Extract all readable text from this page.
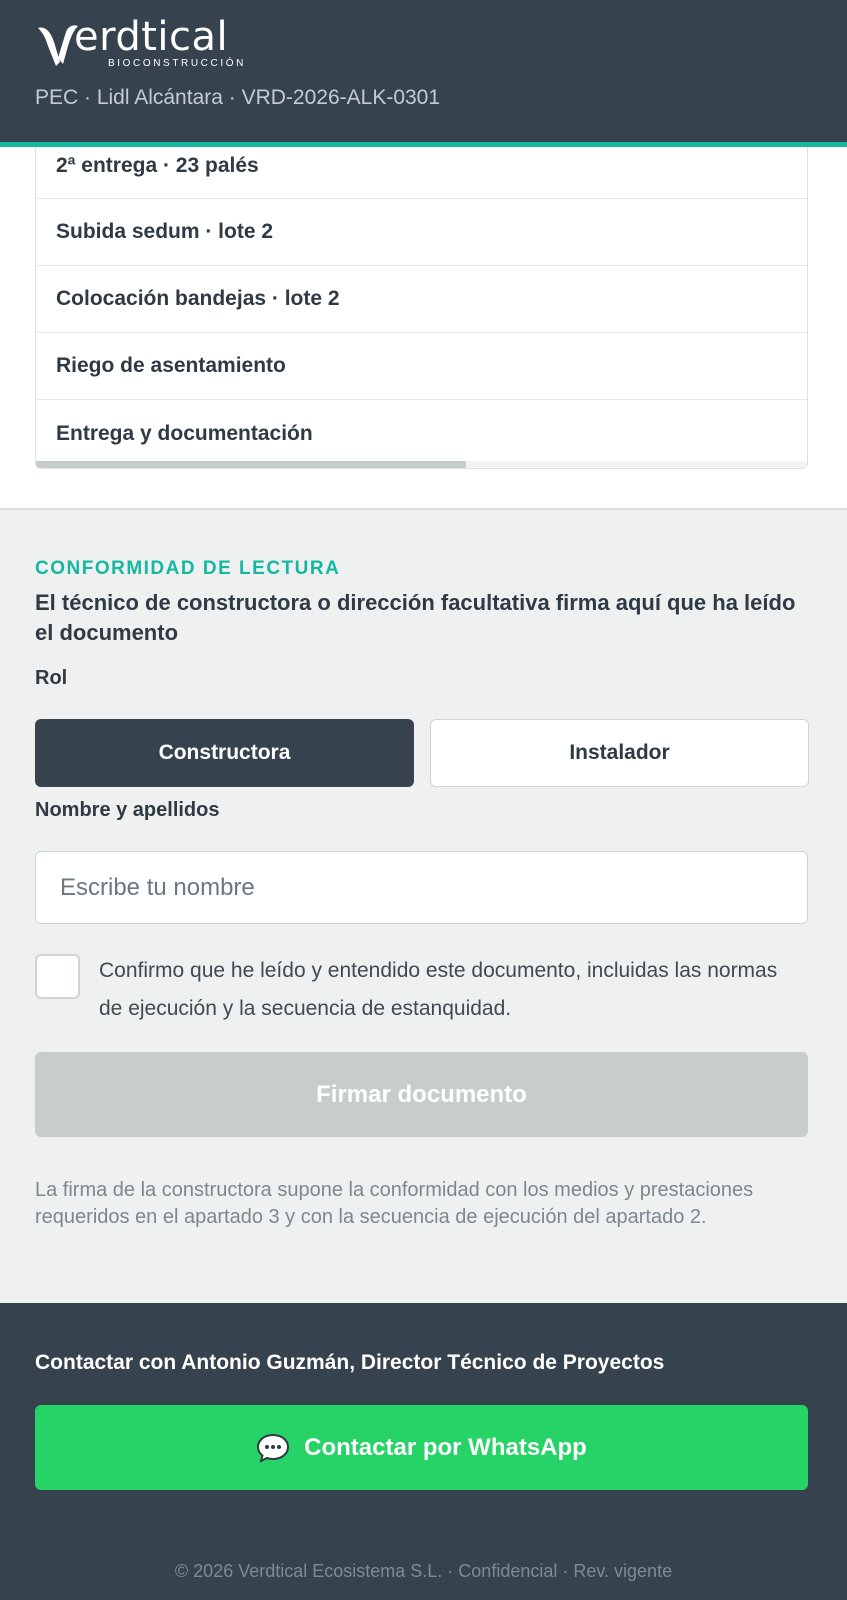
erdtical
BIOCONSTRUCCIÓN
PEC · Lidl Alcántara · VRD-2026-ALK-0301
2ª entrega · 23 palés
Subida sedum · lote 2
Colocación bandejas · lote 2
Riego de asentamiento
Entrega y documentación
CONFORMIDAD DE LECTURA
El técnico de constructora o dirección facultativa firma aquí que ha leído el documento
Rol
Constructora	Instalador
Nombre y apellidos
Escribe tu nombre
Confirmo que he leído y entendido este documento, incluidas las normas de ejecución y la secuencia de estanquidad.
Firmar documento
La firma de la constructora supone la conformidad con los medios y prestaciones requeridos en el apartado 3 y con la secuencia de ejecución del apartado 2.
Contactar con Antonio Guzmán, Director Técnico de Proyectos
Contactar por WhatsApp
© 2026 Verdtical Ecosistema S.L. · Confidencial · Rev. vigente
